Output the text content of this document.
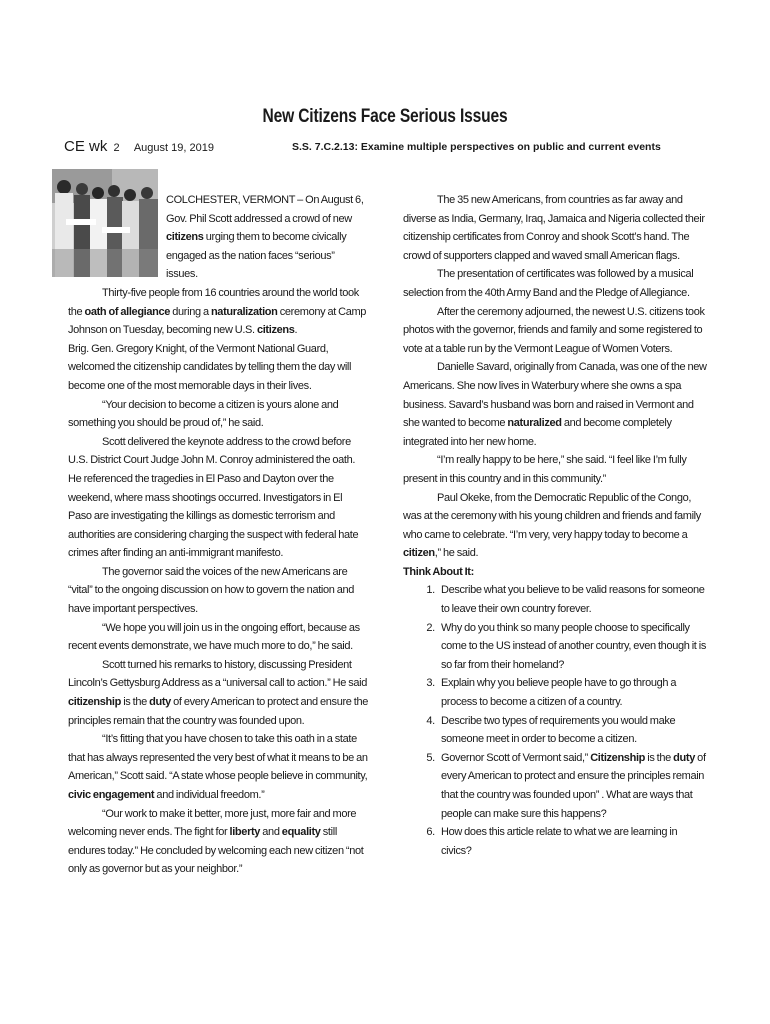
New Citizens Face Serious Issues
CE wk 2 August 19, 2019	S.S. 7.C.2.13: Examine multiple perspectives on public and current events

COLCHESTER, VERMONT – On August 6, Gov. Phil Scott addressed a crowd of new citizens urging them to become civically engaged as the nation faces “serious” issues.

Thirty-five people from 16 countries around the world took the oath of allegiance during a naturalization ceremony at Camp Johnson on Tuesday, becoming new U.S. citizens.

Brig. Gen. Gregory Knight, of the Vermont National Guard, welcomed the citizenship candidates by telling them the day will become one of the most memorable days in their lives.

“Your decision to become a citizen is yours alone and something you should be proud of,” he said.

Scott delivered the keynote address to the crowd before U.S. District Court Judge John M. Conroy administered the oath. He referenced the tragedies in El Paso and Dayton over the weekend, where mass shootings occurred. Investigators in El Paso are investigating the killings as domestic terrorism and authorities are considering charging the suspect with federal hate crimes after finding an anti-immigrant manifesto.

The governor said the voices of the new Americans are “vital” to the ongoing discussion on how to govern the nation and have important perspectives.

“We hope you will join us in the ongoing effort, because as recent events demonstrate, we have much more to do,” he said.

Scott turned his remarks to history, discussing President Lincoln’s Gettysburg Address as a “universal call to action.” He said citizenship is the duty of every American to protect and ensure the principles remain that the country was founded upon.

“It’s fitting that you have chosen to take this oath in a state that has always represented the very best of what it means to be an American,” Scott said. “A state whose people believe in community, civic engagement and individual freedom.”

“Our work to make it better, more just, more fair and more welcoming never ends. The fight for liberty and equality still endures today.” He concluded by welcoming each new citizen “not only as governor but as your neighbor.”

The 35 new Americans, from countries as far away and diverse as India, Germany, Iraq, Jamaica and Nigeria collected their citizenship certificates from Conroy and shook Scott’s hand. The crowd of supporters clapped and waved small American flags.

The presentation of certificates was followed by a musical selection from the 40th Army Band and the Pledge of Allegiance.

After the ceremony adjourned, the newest U.S. citizens took photos with the governor, friends and family and some registered to vote at a table run by the Vermont League of Women Voters.

Danielle Savard, originally from Canada, was one of the new Americans. She now lives in Waterbury where she owns a spa business. Savard’s husband was born and raised in Vermont and she wanted to become naturalized and become completely integrated into her new home.

“I’m really happy to be here,” she said. “I feel like I’m fully present in this country and in this community.”

Paul Okeke, from the Democratic Republic of the Congo, was at the ceremony with his young children and friends and family who came to celebrate. “I’m very, very happy today to become a citizen,” he said.

Think About It:

1. Describe what you believe to be valid reasons for someone to leave their own country forever.
2. Why do you think so many people choose to specifically come to the US instead of another country, even though it is so far from their homeland?
3. Explain why you believe people have to go through a process to become a citizen of a country.
4. Describe two types of requirements you would make someone meet in order to become a citizen.
5. Governor Scott of Vermont said,” Citizenship is the duty of every American to protect and ensure the principles remain that the country was founded upon” . What are ways that people can make sure this happens?
6. How does this article relate to what we are learning in civics?
